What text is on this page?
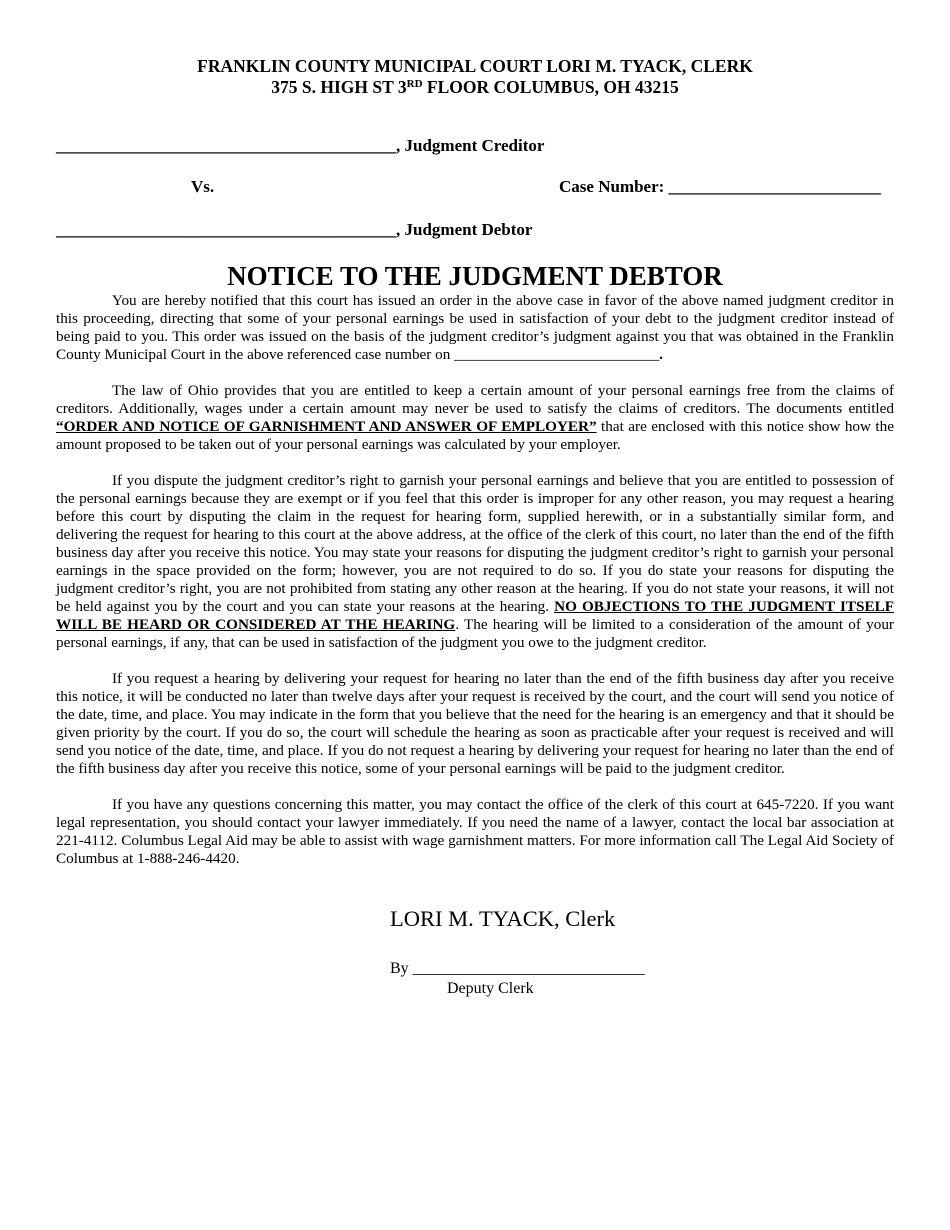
FRANKLIN COUNTY MUNICIPAL COURT LORI M. TYACK, CLERK
375 S. HIGH ST 3RD FLOOR COLUMBUS, OH 43215
________________________________________, Judgment Creditor
Vs.	Case Number: _________________________
________________________________________, Judgment Debtor
NOTICE TO THE JUDGMENT DEBTOR

You are hereby notified that this court has issued an order in the above case in favor of the above named judgment creditor in this proceeding, directing that some of your personal earnings be used in satisfaction of your debt to the judgment creditor instead of being paid to you. This order was issued on the basis of the judgment creditor’s judgment against you that was obtained in the Franklin County Municipal Court in the above referenced case number on ___________________________.

The law of Ohio provides that you are entitled to keep a certain amount of your personal earnings free from the claims of creditors. Additionally, wages under a certain amount may never be used to satisfy the claims of creditors. The documents entitled “ORDER AND NOTICE OF GARNISHMENT AND ANSWER OF EMPLOYER” that are enclosed with this notice show how the amount proposed to be taken out of your personal earnings was calculated by your employer.

If you dispute the judgment creditor’s right to garnish your personal earnings and believe that you are entitled to possession of the personal earnings because they are exempt or if you feel that this order is improper for any other reason, you may request a hearing before this court by disputing the claim in the request for hearing form, supplied herewith, or in a substantially similar form, and delivering the request for hearing to this court at the above address, at the office of the clerk of this court, no later than the end of the fifth business day after you receive this notice. You may state your reasons for disputing the judgment creditor’s right to garnish your personal earnings in the space provided on the form; however, you are not required to do so. If you do state your reasons for disputing the judgment creditor’s right, you are not prohibited from stating any other reason at the hearing. If you do not state your reasons, it will not be held against you by the court and you can state your reasons at the hearing. NO OBJECTIONS TO THE JUDGMENT ITSELF WILL BE HEARD OR CONSIDERED AT THE HEARING. The hearing will be limited to a consideration of the amount of your personal earnings, if any, that can be used in satisfaction of the judgment you owe to the judgment creditor.

If you request a hearing by delivering your request for hearing no later than the end of the fifth business day after you receive this notice, it will be conducted no later than twelve days after your request is received by the court, and the court will send you notice of the date, time, and place. You may indicate in the form that you believe that the need for the hearing is an emergency and that it should be given priority by the court. If you do so, the court will schedule the hearing as soon as practicable after your request is received and will send you notice of the date, time, and place. If you do not request a hearing by delivering your request for hearing no later than the end of the fifth business day after you receive this notice, some of your personal earnings will be paid to the judgment creditor.

If you have any questions concerning this matter, you may contact the office of the clerk of this court at 645-7220. If you want legal representation, you should contact your lawyer immediately. If you need the name of a lawyer, contact the local bar association at 221-4112. Columbus Legal Aid may be able to assist with wage garnishment matters. For more information call The Legal Aid Society of Columbus at 1-888-246-4420.

LORI M. TYACK, Clerk
By _____________________________
Deputy Clerk
